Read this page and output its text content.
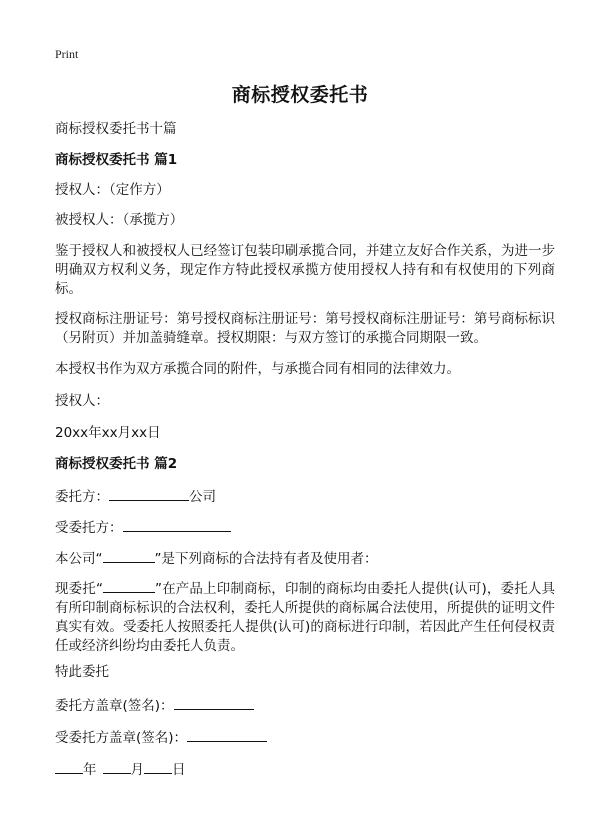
Print
商标授权委托书
商标授权委托书十篇
商标授权委托书 篇1
授权人：（定作方）
被授权人：（承揽方）
鉴于授权人和被授权人已经签订包装印刷承揽合同，并建立友好合作关系，为进一步明确双方权利义务，现定作方特此授权承揽方使用授权人持有和有权使用的下列商标。
授权商标注册证号：第号授权商标注册证号：第号授权商标注册证号：第号商标标识（另附页）并加盖骑缝章。授权期限：与双方签订的承揽合同期限一致。
本授权书作为双方承揽合同的附件，与承揽合同有相同的法律效力。
授权人：
20xx年xx月xx日
商标授权委托书 篇2
委托方：	公司
受委托方：
本公司“	”是下列商标的合法持有者及使用者：
现委托“	”在产品上印制商标，印制的商标均由委托人提供(认可)，委托人具有所印制商标标识的合法权利，委托人所提供的商标属合法使用，所提供的证明文件真实有效。受委托人按照委托人提供(认可)的商标进行印制，若因此产生任何侵权责任或经济纠纷均由委托人负责。
特此委托
委托方盖章(签名)：
受委托方盖章(签名)：
年	月 日
